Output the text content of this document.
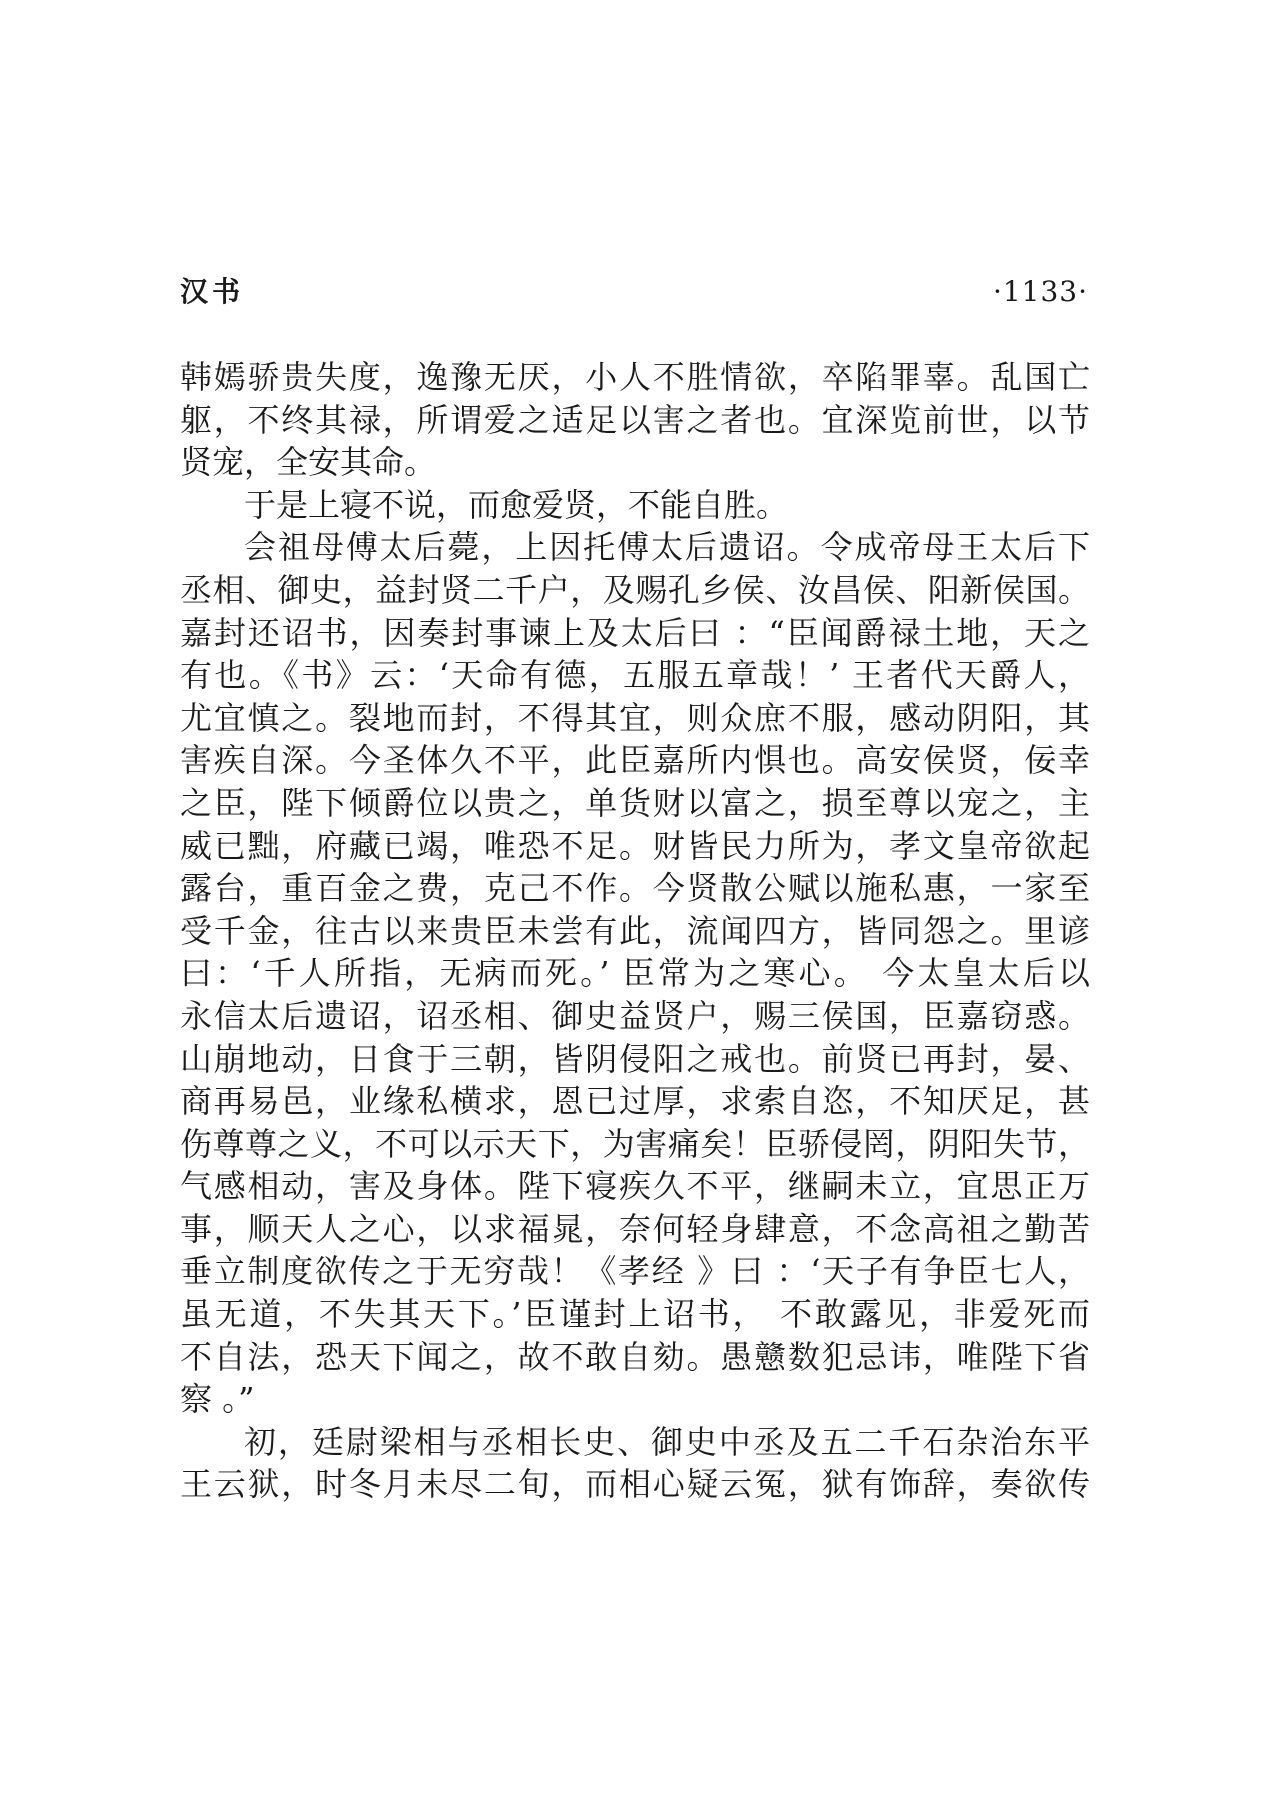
汉书	·1133·
韩嫣骄贵失度，逸豫无厌，小人不胜情欲，卒陷罪辜。乱国亡
躯，不终其禄，所谓爱之适足以害之者也。宜深览前世，以节
贤宠，全安其命。
于是上寝不说，而愈爱贤，不能自胜。
会祖母傅太后薨，上因托傅太后遗诏。令成帝母王太后下
丞相、御史，益封贤二千户，及赐孔乡侯、汝昌侯、阳新侯国。
嘉封还诏书，因奏封事谏上及太后曰 ：“臣闻爵禄土地，天之
有也。《书》云：‘天命有德，五服五章哉！’ 王者代天爵人，
尤宜慎之。裂地而封，不得其宜，则众庶不服，感动阴阳，其
害疾自深。今圣体久不平，此臣嘉所内惧也。高安侯贤，佞幸
之臣，陛下倾爵位以贵之，单货财以富之，损至尊以宠之，主
威已黜，府藏已竭，唯恐不足。财皆民力所为，孝文皇帝欲起
露台，重百金之费，克己不作。今贤散公赋以施私惠，一家至
受千金，往古以来贵臣未尝有此，流闻四方，皆同怨之。里谚
曰：‘千人所指，无病而死。’ 臣常为之寒心。 今太皇太后以
永信太后遗诏，诏丞相、御史益贤户，赐三侯国，臣嘉窃惑。
山崩地动，日食于三朝，皆阴侵阳之戒也。前贤已再封，晏、
商再易邑，业缘私横求，恩已过厚，求索自恣，不知厌足，甚
伤尊尊之义，不可以示天下，为害痛矣！臣骄侵罔，阴阳失节，
气感相动，害及身体。陛下寝疾久不平，继嗣未立，宜思正万
事，顺天人之心，以求福晁，奈何轻身肆意，不念高祖之勤苦
垂立制度欲传之于无穷哉！《孝经 》曰 ：‘天子有争臣七人，
虽无道，不失其天下。’臣谨封上诏书， 不敢露见，非爱死而
不自法，恐天下闻之，故不敢自劾。愚戆数犯忌讳，唯陛下省
察 。”
初，廷尉梁相与丞相长史、御史中丞及五二千石杂治东平
王云狱，时冬月未尽二旬，而相心疑云冤，狱有饰辞，奏欲传
